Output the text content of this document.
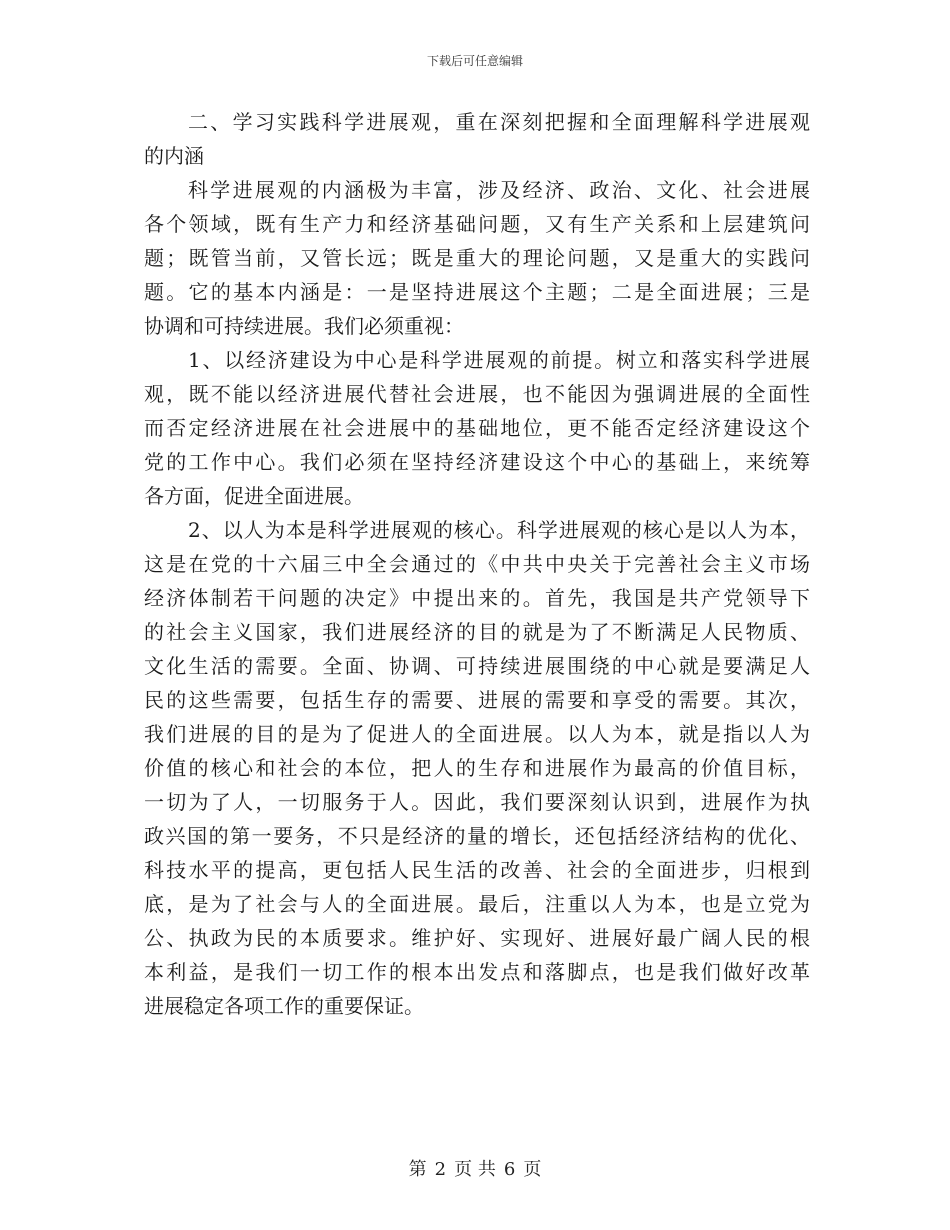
下载后可任意编辑
二、学习实践科学进展观，重在深刻把握和全面理解科学进展观
的内涵
科学进展观的内涵极为丰富，涉及经济、政治、文化、社会进展
各个领域，既有生产力和经济基础问题，又有生产关系和上层建筑问
题；既管当前，又管长远；既是重大的理论问题，又是重大的实践问
题。它的基本内涵是：一是坚持进展这个主题；二是全面进展；三是
协调和可持续进展。我们必须重视：
1、以经济建设为中心是科学进展观的前提。树立和落实科学进展
观，既不能以经济进展代替社会进展，也不能因为强调进展的全面性
而否定经济进展在社会进展中的基础地位，更不能否定经济建设这个
党的工作中心。我们必须在坚持经济建设这个中心的基础上，来统筹
各方面，促进全面进展。
2、以人为本是科学进展观的核心。科学进展观的核心是以人为本，
这是在党的十六届三中全会通过的《中共中央关于完善社会主义市场
经济体制若干问题的决定》中提出来的。首先，我国是共产党领导下
的社会主义国家，我们进展经济的目的就是为了不断满足人民物质、
文化生活的需要。全面、协调、可持续进展围绕的中心就是要满足人
民的这些需要，包括生存的需要、进展的需要和享受的需要。其次，
我们进展的目的是为了促进人的全面进展。以人为本，就是指以人为
价值的核心和社会的本位，把人的生存和进展作为最高的价值目标，
一切为了人，一切服务于人。因此，我们要深刻认识到，进展作为执
政兴国的第一要务，不只是经济的量的增长，还包括经济结构的优化、
科技水平的提高，更包括人民生活的改善、社会的全面进步，归根到
底，是为了社会与人的全面进展。最后，注重以人为本，也是立党为
公、执政为民的本质要求。维护好、实现好、进展好最广阔人民的根
本利益，是我们一切工作的根本出发点和落脚点，也是我们做好改革
进展稳定各项工作的重要保证。
第 2 页 共 6 页
